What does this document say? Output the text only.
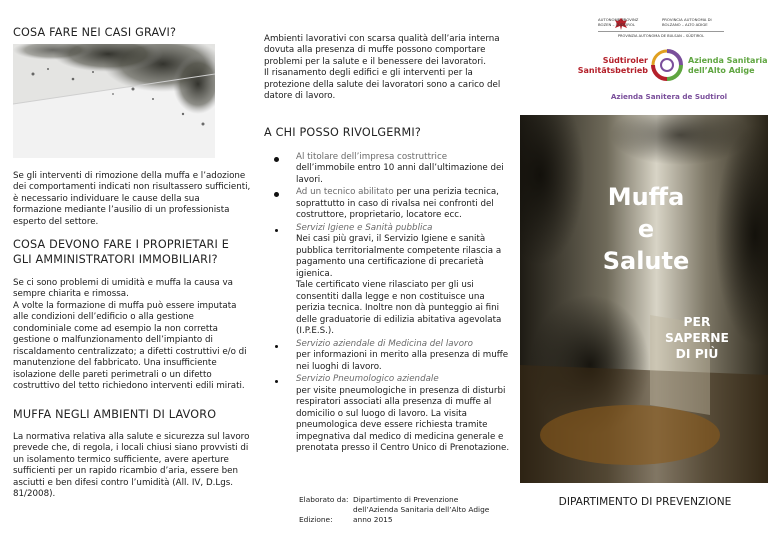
COSA FARE NEI CASI GRAVI?
Se gli interventi di rimozione della muffa e l’adozione dei comportamenti indicati non risultassero sufficienti, è necessario individuare le cause della sua formazione mediante l’ausilio di un professionista esperto del settore.
COSA DEVONO FARE I PROPRIETARI E GLI AMMINISTRATORI IMMOBILIARI?
Se ci sono problemi di umidità e muffa la causa va sempre chiarita e rimossa.
A volte la formazione di muffa può essere imputata alle condizioni dell’edificio o alla gestione condominiale come ad esempio la non corretta gestione o malfunzionamento dell’impianto di riscaldamento centralizzato; a difetti costruttivi e/o di manutenzione del fabbricato. Una insufficiente isolazione delle pareti perimetrali o un difetto costruttivo del tetto richiedono interventi edili mirati.
MUFFA NEGLI AMBIENTI DI LAVORO
La normativa relativa alla salute e sicurezza sul lavoro prevede che, di regola, i locali chiusi siano provvisti di un isolamento termico sufficiente, avere aperture sufficienti per un rapido ricambio d’aria, essere ben asciutti e ben difesi contro l’umidità (All. IV, D.Lgs. 81/2008).
Ambienti lavorativi con scarsa qualità dell’aria interna dovuta alla presenza di muffe possono comportare problemi per la salute e il benessere dei lavoratori.
Il risanamento degli edifici e gli interventi per la protezione della salute dei lavoratori sono a carico del datore di lavoro.
A CHI POSSO RIVOLGERMI?
Al titolare dell’impresa costruttrice
dell’immobile entro 10 anni dall’ultimazione dei lavori.
Ad un tecnico abilitato per una perizia tecnica, soprattutto in caso di rivalsa nei confronti del costruttore, proprietario, locatore ecc.
Servizi Igiene e Sanità pubblica
Nei casi più gravi, il Servizio Igiene e sanità pubblica territorialmente competente rilascia a pagamento una certificazione di precarietà igienica.
Tale certificato viene rilasciato per gli usi consentiti dalla legge e non costituisce una perizia tecnica. Inoltre non dà punteggio ai fini delle graduatorie di edilizia abitativa agevolata (I.P.E.S.).
Servizio aziendale di Medicina del lavoro
per informazioni in merito alla presenza di muffe nei luoghi di lavoro.
Servizio Pneumologico aziendale
per visite pneumologiche in presenza di disturbi respiratori associati alla presenza di muffe al domicilio o sul luogo di lavoro. La visita pneumologica deve essere richiesta tramite impegnativa dal medico di medicina generale e prenotata presso il Centro Unico di Prenotazione.
Elaborato da: Dipartimento di Prevenzione
dell’Azienda Sanitaria dell’Alto Adige
Edizione:	anno 2015
AUTONOME PROVINZ BOZEN – SÜDTIROL
PROVINCIA AUTONOMA DI BOLZANO – ALTO ADIGE
PROVINZIA AUTONOMA DE BULSAN – SÜDTIROL
Südtiroler
Sanitätsbetrieb
Azienda Sanitaria
dell’Alto Adige
Azienda Sanitera de Sudtirol
Muffa
e
Salute
PER
SAPERNE
DI PIÙ
DIPARTIMENTO DI PREVENZIONE
